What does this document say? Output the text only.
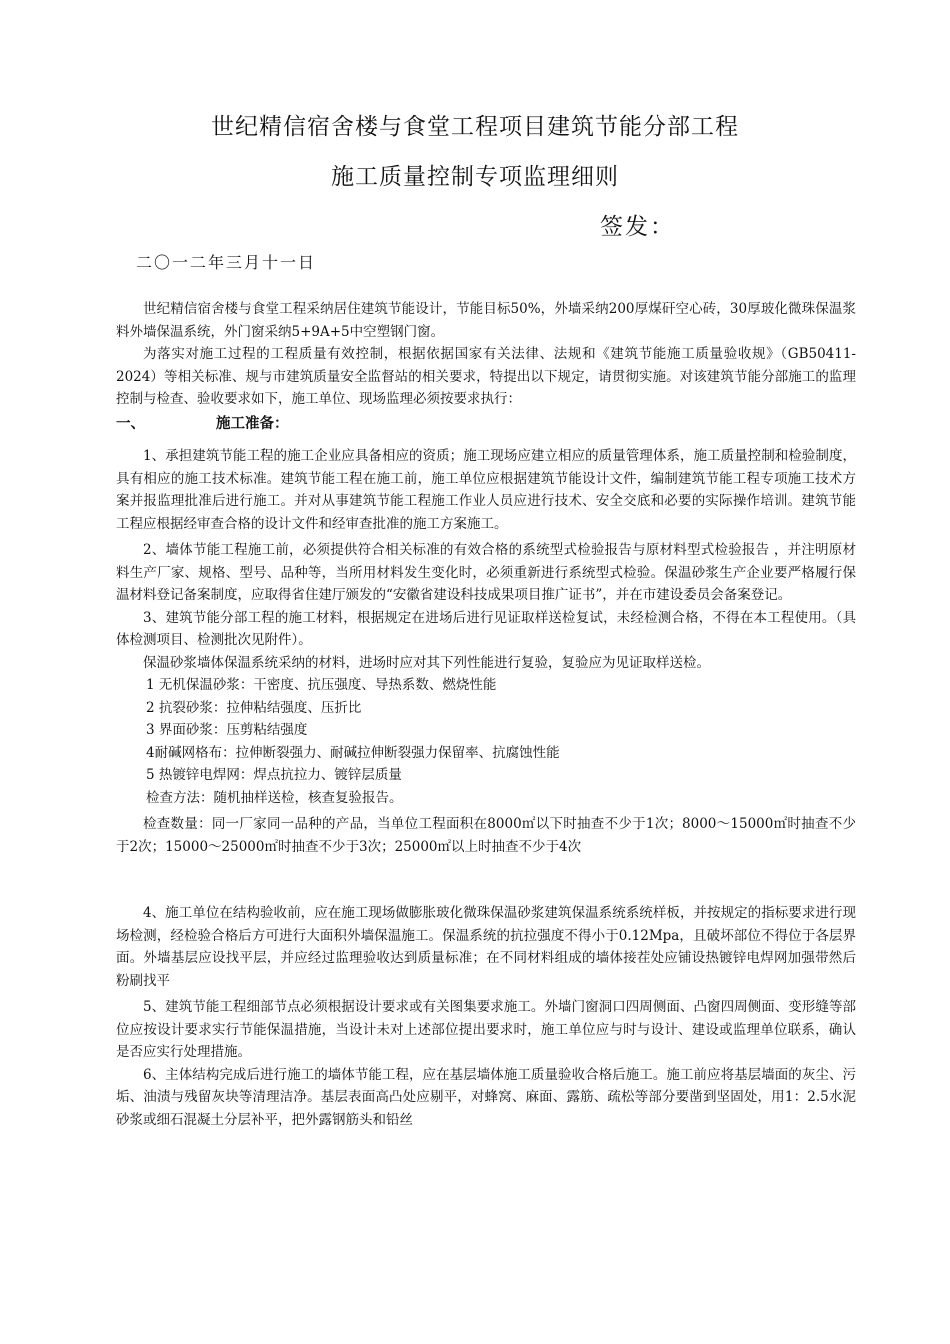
世纪精信宿舍楼与食堂工程项目建筑节能分部工程
施工质量控制专项监理细则
签发：
二〇一二年三月十一日

世纪精信宿舍楼与食堂工程采纳居住建筑节能设计，节能目标50%，外墙采纳200厚煤矸空心砖，30厚玻化微珠保温浆料外墙保温系统，外门窗采纳5+9A+5中空塑钢门窗。

为落实对施工过程的工程质量有效控制，根据依据国家有关法律、法规和《建筑节能施工质量验收规》（GB50411-2024）等相关标准、规与市建筑质量安全监督站的相关要求，特提出以下规定，请贯彻实施。对该建筑节能分部施工的监理控制与检查、验收要求如下，施工单位、现场监理必须按要求执行：

一、	施工准备：

1、承担建筑节能工程的施工企业应具备相应的资质；施工现场应建立相应的质量管理体系，施工质量控制和检验制度，具有相应的施工技术标准。建筑节能工程在施工前，施工单位应根据建筑节能设计文件，编制建筑节能工程专项施工技术方案并报监理批准后进行施工。并对从事建筑节能工程施工作业人员应进行技术、安全交底和必要的实际操作培训。建筑节能工程应根据经审查合格的设计文件和经审查批准的施工方案施工。

2、墙体节能工程施工前，必须提供符合相关标准的有效合格的系统型式检验报告与原材料型式检验报告 ，并注明原材料生产厂家、规格、型号、品种等，当所用材料发生变化时，必须重新进行系统型式检验。保温砂浆生产企业要严格履行保温材料登记备案制度，应取得省住建厅颁发的“安徽省建设科技成果项目推广证书”，并在市建设委员会备案登记。

3、建筑节能分部工程的施工材料，根据规定在进场后进行见证取样送检复试，未经检测合格，不得在本工程使用。（具体检测项目、检测批次见附件）。

保温砂浆墙体保温系统采纳的材料，进场时应对其下列性能进行复验，复验应为见证取样送检。

1 无机保温砂浆：干密度、抗压强度、导热系数、燃烧性能

2 抗裂砂浆：拉伸粘结强度、压折比

3 界面砂浆：压剪粘结强度

4耐碱网格布：拉伸断裂强力、耐碱拉伸断裂强力保留率、抗腐蚀性能

5 热镀锌电焊网：焊点抗拉力、镀锌层质量

检查方法：随机抽样送检，核查复验报告。

检查数量：同一厂家同一品种的产品，当单位工程面积在8000㎡以下时抽查不少于1次；8000～15000㎡时抽查不少于2次；15000～25000㎡时抽查不少于3次；25000㎡以上时抽查不少于4次

4、施工单位在结构验收前，应在施工现场做膨胀玻化微珠保温砂浆建筑保温系统系统样板，并按规定的指标要求进行现场检测，经检验合格后方可进行大面积外墙保温施工。保温系统的抗拉强度不得小于0.12Mpa，且破坏部位不得位于各层界面。外墙基层应设找平层，并应经过监理验收达到质量标准；在不同材料组成的墙体接茬处应铺设热镀锌电焊网加强带然后粉刷找平

5、建筑节能工程细部节点必须根据设计要求或有关图集要求施工。外墙门窗洞口四周侧面、凸窗四周侧面、变形缝等部位应按设计要求实行节能保温措施，当设计未对上述部位提出要求时，施工单位应与时与设计、建设或监理单位联系，确认是否应实行处理措施。

6、主体结构完成后进行施工的墙体节能工程，应在基层墙体施工质量验收合格后施工。施工前应将基层墙面的灰尘、污垢、油渍与残留灰块等清理洁净。基层表面高凸处应剔平，对蜂窝、麻面、露筋、疏松等部分要凿到坚固处，用1：2.5水泥砂浆或细石混凝土分层补平，把外露钢筋头和铅丝
